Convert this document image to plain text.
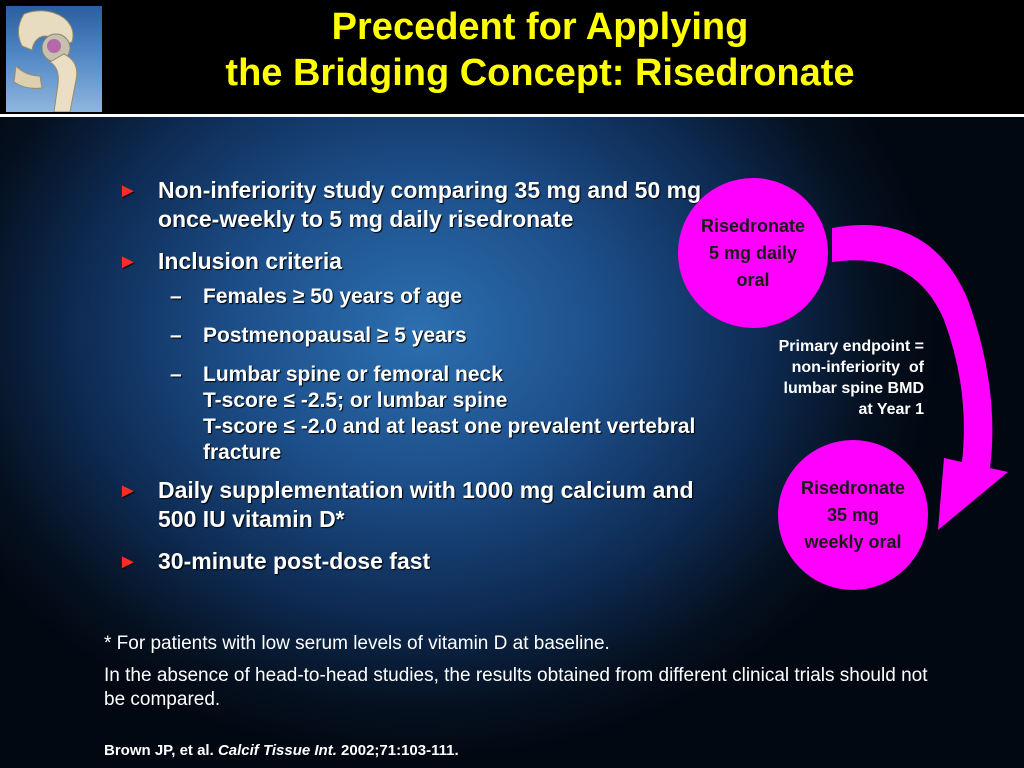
Precedent for Applying
the Bridging Concept: Risedronate
► Non-inferiority study comparing 35 mg and 50 mg once-weekly to 5 mg daily risedronate
► Inclusion criteria
– Females ≥ 50 years of age
– Postmenopausal ≥ 5 years
– Lumbar spine or femoral neck
T-score ≤ -2.5; or lumbar spine
T-score ≤ -2.0 and at least one prevalent vertebral fracture
► Daily supplementation with 1000 mg calcium and 500 IU vitamin D*
► 30-minute post-dose fast
Risedronate
5 mg daily
oral
Primary endpoint =
non-inferiority  of
lumbar spine BMD
at Year 1
Risedronate
35 mg
weekly oral
* For patients with low serum levels of vitamin D at baseline.
In the absence of head-to-head studies, the results obtained from different clinical trials should not be compared.
Brown JP, et al. Calcif Tissue Int. 2002;71:103-111.
